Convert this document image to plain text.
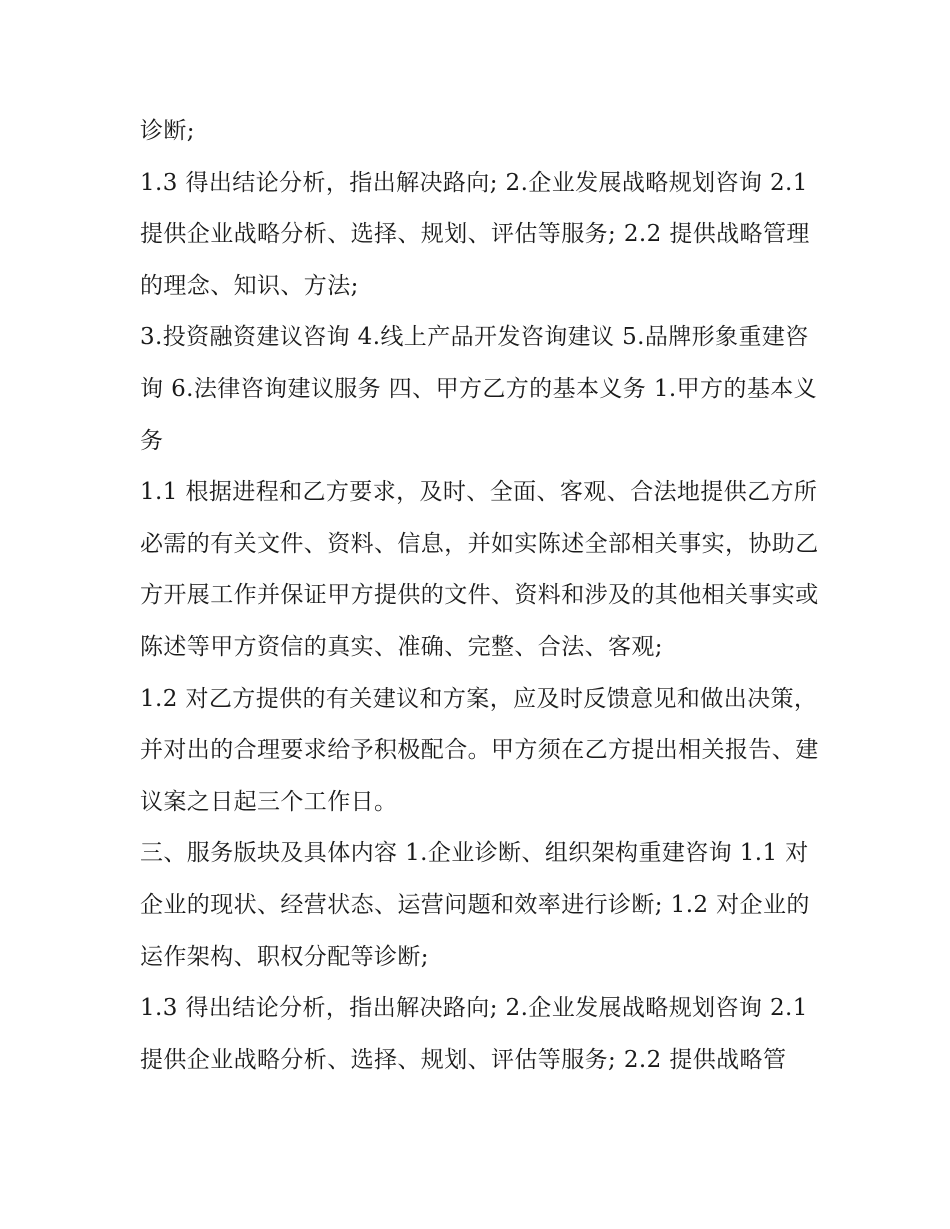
诊断;

1.3 得出结论分析，指出解决路向; 2.企业发展战略规划咨询 2.1 提供企业战略分析、选择、规划、评估等服务; 2.2 提供战略管理的理念、知识、方法;

3.投资融资建议咨询 4.线上产品开发咨询建议 5.品牌形象重建咨询 6.法律咨询建议服务 四、甲方乙方的基本义务 1.甲方的基本义务

1.1 根据进程和乙方要求，及时、全面、客观、合法地提供乙方所必需的有关文件、资料、信息，并如实陈述全部相关事实，协助乙方开展工作并保证甲方提供的文件、资料和涉及的其他相关事实或陈述等甲方资信的真实、准确、完整、合法、客观;

1.2 对乙方提供的有关建议和方案，应及时反馈意见和做出决策，并对出的合理要求给予积极配合。甲方须在乙方提出相关报告、建议案之日起三个工作日。

三、服务版块及具体内容 1.企业诊断、组织架构重建咨询 1.1 对企业的现状、经营状态、运营问题和效率进行诊断; 1.2 对企业的运作架构、职权分配等诊断;

1.3 得出结论分析，指出解决路向; 2.企业发展战略规划咨询 2.1 提供企业战略分析、选择、规划、评估等服务; 2.2 提供战略管
